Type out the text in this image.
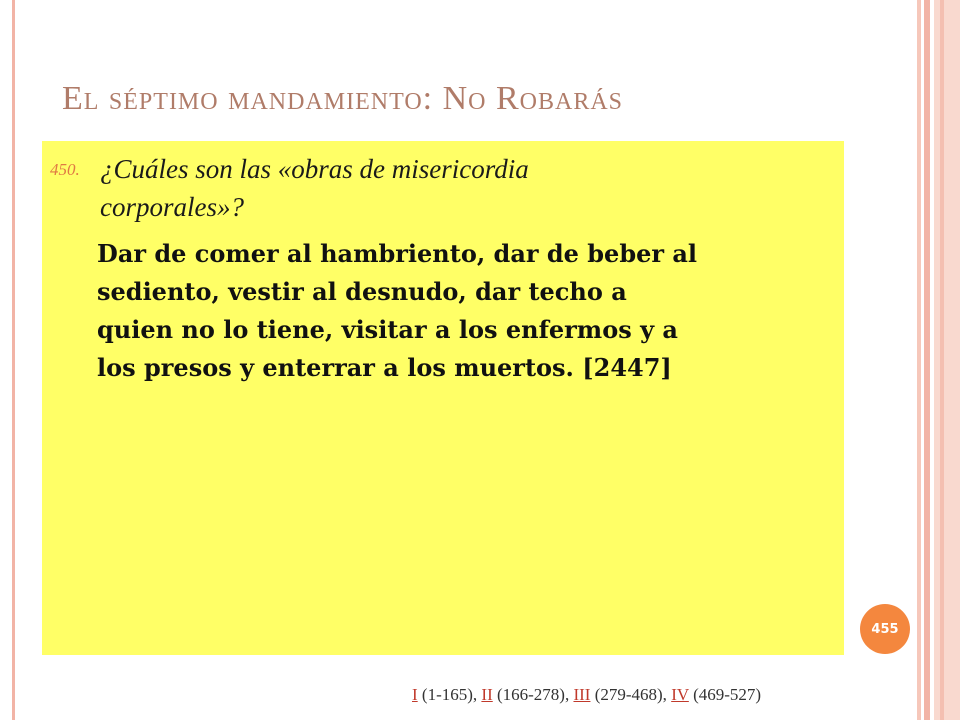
El séptimo mandamiento: No Robarás
450. ¿Cuáles son las «obras de misericordia
corporales»?
Dar de comer al hambriento, dar de beber al
sediento, vestir al desnudo, dar techo a
quien no lo tiene, visitar a los enfermos y a
los presos y enterrar a los muertos. [2447]
455
I (1-165), II (166-278), III (279-468), IV (469-527)
